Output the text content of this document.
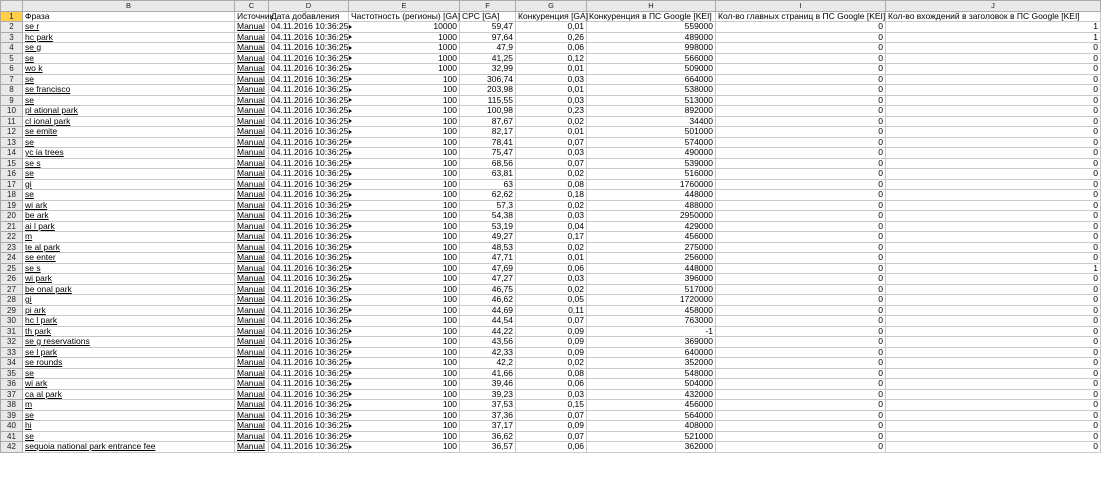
	B	C	D	E	F	G	H	I	J
1	Фраза	Источник	Дата добавления	Частотность (регионы) [GA]	CPC [GA]	Конкуренция [GA]	Конкуренция в ПС Google [KEI]	Кол-во главных страниц в ПС Google [KEI]	Кол-во вхождений в заголовок в ПС Google [KEI]
2	se r	Manual	04.11.2016 10:36:25	10000	59,47	0,01	559000	0	1
3	hc park	Manual	04.11.2016 10:36:25	1000	97,64	0,26	489000	0	1
4	se g	Manual	04.11.2016 10:36:25	1000	47,9	0,06	998000	0	0
5	se	Manual	04.11.2016 10:36:25	1000	41,25	0,12	566000	0	0
6	wo k	Manual	04.11.2016 10:36:25	1000	32,99	0,01	509000	0	0
7	se	Manual	04.11.2016 10:36:25	100	306,74	0,03	664000	0	0
8	se francisco	Manual	04.11.2016 10:36:25	100	203,98	0,01	538000	0	0
9	se	Manual	04.11.2016 10:36:25	100	115,55	0,03	513000	0	0
10	pl ational park	Manual	04.11.2016 10:36:25	100	100,98	0,23	892000	0	0
11	cl ional park	Manual	04.11.2016 10:36:25	100	87,67	0,02	34400	0	0
12	se emite	Manual	04.11.2016 10:36:25	100	82,17	0,01	501000	0	0
13	se	Manual	04.11.2016 10:36:25	100	78,41	0,07	574000	0	0
14	yc ia trees	Manual	04.11.2016 10:36:25	100	75,47	0,03	490000	0	0
15	se s	Manual	04.11.2016 10:36:25	100	68,56	0,07	539000	0	0
16	se	Manual	04.11.2016 10:36:25	100	63,81	0,02	516000	0	0
17	gi	Manual	04.11.2016 10:36:25	100	63	0,08	1760000	0	0
18	se	Manual	04.11.2016 10:36:25	100	62,62	0,18	448000	0	0
19	wi ark	Manual	04.11.2016 10:36:25	100	57,3	0,02	488000	0	0
20	be ark	Manual	04.11.2016 10:36:25	100	54,38	0,03	2950000	0	0
21	ai l park	Manual	04.11.2016 10:36:25	100	53,19	0,04	429000	0	0
22	m	Manual	04.11.2016 10:36:25	100	49,27	0,17	456000	0	0
23	te al park	Manual	04.11.2016 10:36:25	100	48,53	0,02	275000	0	0
24	se enter	Manual	04.11.2016 10:36:25	100	47,71	0,01	256000	0	0
25	se s	Manual	04.11.2016 10:36:25	100	47,69	0,06	448000	0	1
26	wi park	Manual	04.11.2016 10:36:25	100	47,27	0,03	396000	0	0
27	be onal park	Manual	04.11.2016 10:36:25	100	46,75	0,02	517000	0	0
28	gi	Manual	04.11.2016 10:36:25	100	46,62	0,05	1720000	0	0
29	pi ark	Manual	04.11.2016 10:36:25	100	44,69	0,11	458000	0	0
30	hc l park	Manual	04.11.2016 10:36:25	100	44,54	0,07	763000	0	0
31	th park	Manual	04.11.2016 10:36:25	100	44,22	0,09	-1	0	0
32	se g reservations	Manual	04.11.2016 10:36:25	100	43,56	0,09	369000	0	0
33	se l park	Manual	04.11.2016 10:36:25	100	42,33	0,09	640000	0	0
34	se rounds	Manual	04.11.2016 10:36:25	100	42,2	0,02	352000	0	0
35	se	Manual	04.11.2016 10:36:25	100	41,66	0,08	548000	0	0
36	wi ark	Manual	04.11.2016 10:36:25	100	39,46	0,06	504000	0	0
37	ca al park	Manual	04.11.2016 10:36:25	100	39,23	0,03	432000	0	0
38	m	Manual	04.11.2016 10:36:25	100	37,53	0,15	456000	0	0
39	se	Manual	04.11.2016 10:36:25	100	37,36	0,07	564000	0	0
40	hi	Manual	04.11.2016 10:36:25	100	37,17	0,09	408000	0	0
41	se	Manual	04.11.2016 10:36:25	100	36,62	0,07	521000	0	0
42	sequoia national park entrance fee	Manual	04.11.2016 10:36:25	100	36,57	0,06	362000	0	0
